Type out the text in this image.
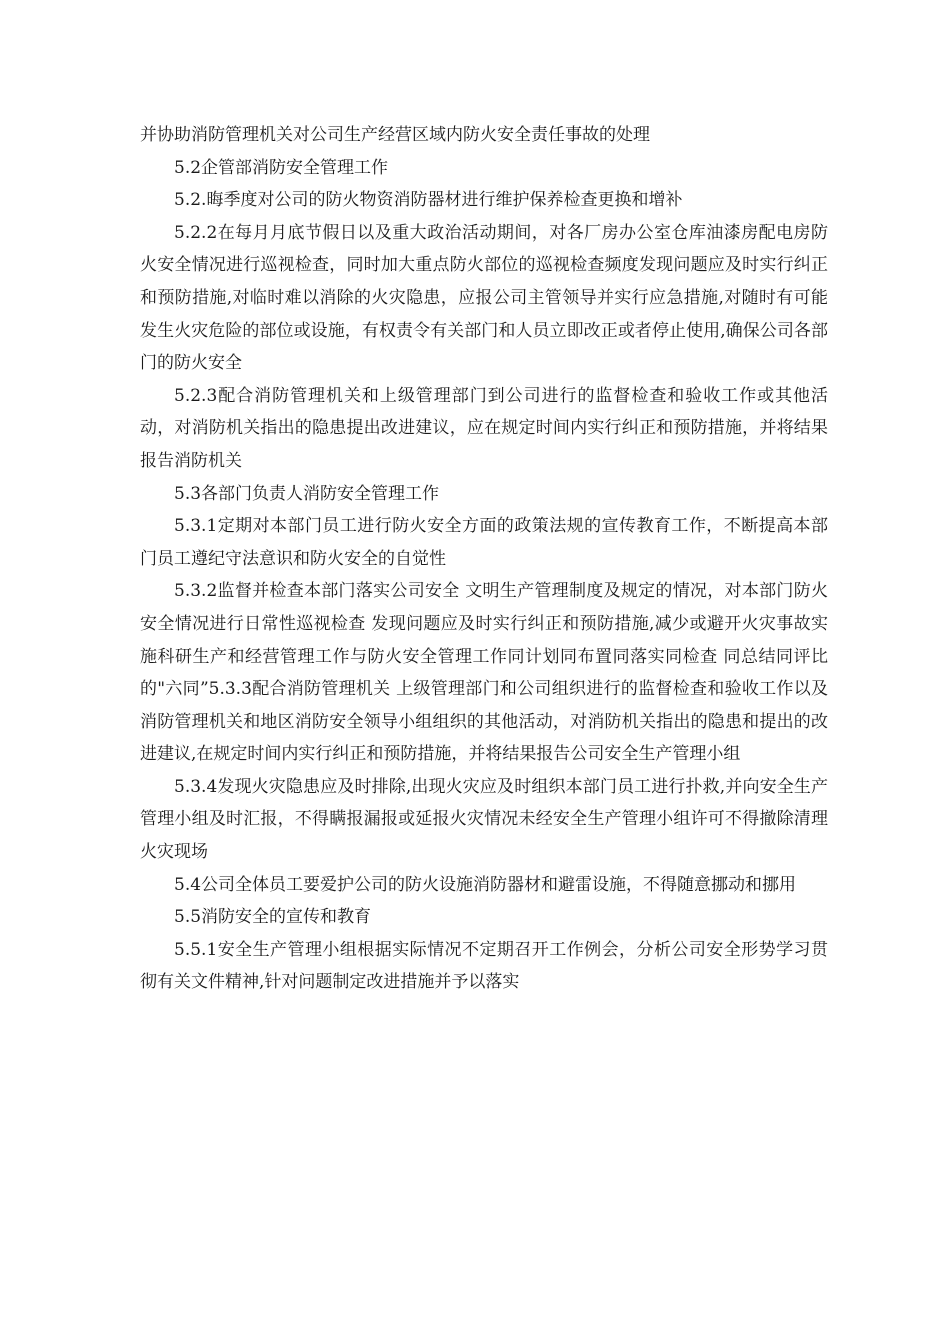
并协助消防管理机关对公司生产经营区域内防火安全责任事故的处理

5.2企管部消防安全管理工作

5.2.晦季度对公司的防火物资消防器材进行维护保养检查更换和增补

5.2.2在每月月底节假日以及重大政治活动期间，对各厂房办公室仓库油漆房配电房防火安全情况进行巡视检查，同时加大重点防火部位的巡视检查频度发现问题应及时实行纠正和预防措施,对临时难以消除的火灾隐患，应报公司主管领导并实行应急措施,对随时有可能发生火灾危险的部位或设施，有权责令有关部门和人员立即改正或者停止使用,确保公司各部门的防火安全

5.2.3配合消防管理机关和上级管理部门到公司进行的监督检查和验收工作或其他活动，对消防机关指出的隐患提出改进建议，应在规定时间内实行纠正和预防措施，并将结果报告消防机关

5.3各部门负责人消防安全管理工作

5.3.1定期对本部门员工进行防火安全方面的政策法规的宣传教育工作，不断提高本部门员工遵纪守法意识和防火安全的自觉性

5.3.2监督并检查本部门落实公司安全 文明生产管理制度及规定的情况，对本部门防火安全情况进行日常性巡视检查 发现问题应及时实行纠正和预防措施,减少或避开火灾事故实施科研生产和经营管理工作与防火安全管理工作同计划同布置同落实同检查 同总结同评比的"六同”5.3.3配合消防管理机关 上级管理部门和公司组织进行的监督检查和验收工作以及消防管理机关和地区消防安全领导小组组织的其他活动，对消防机关指出的隐患和提出的改进建议,在规定时间内实行纠正和预防措施，并将结果报告公司安全生产管理小组

5.3.4发现火灾隐患应及时排除,出现火灾应及时组织本部门员工进行扑救,并向安全生产管理小组及时汇报，不得瞒报漏报或延报火灾情况未经安全生产管理小组许可不得撤除清理火灾现场

5.4公司全体员工要爱护公司的防火设施消防器材和避雷设施，不得随意挪动和挪用

5.5消防安全的宣传和教育

5.5.1安全生产管理小组根据实际情况不定期召开工作例会，分析公司安全形势学习贯彻有关文件精神,针对问题制定改进措施并予以落实
